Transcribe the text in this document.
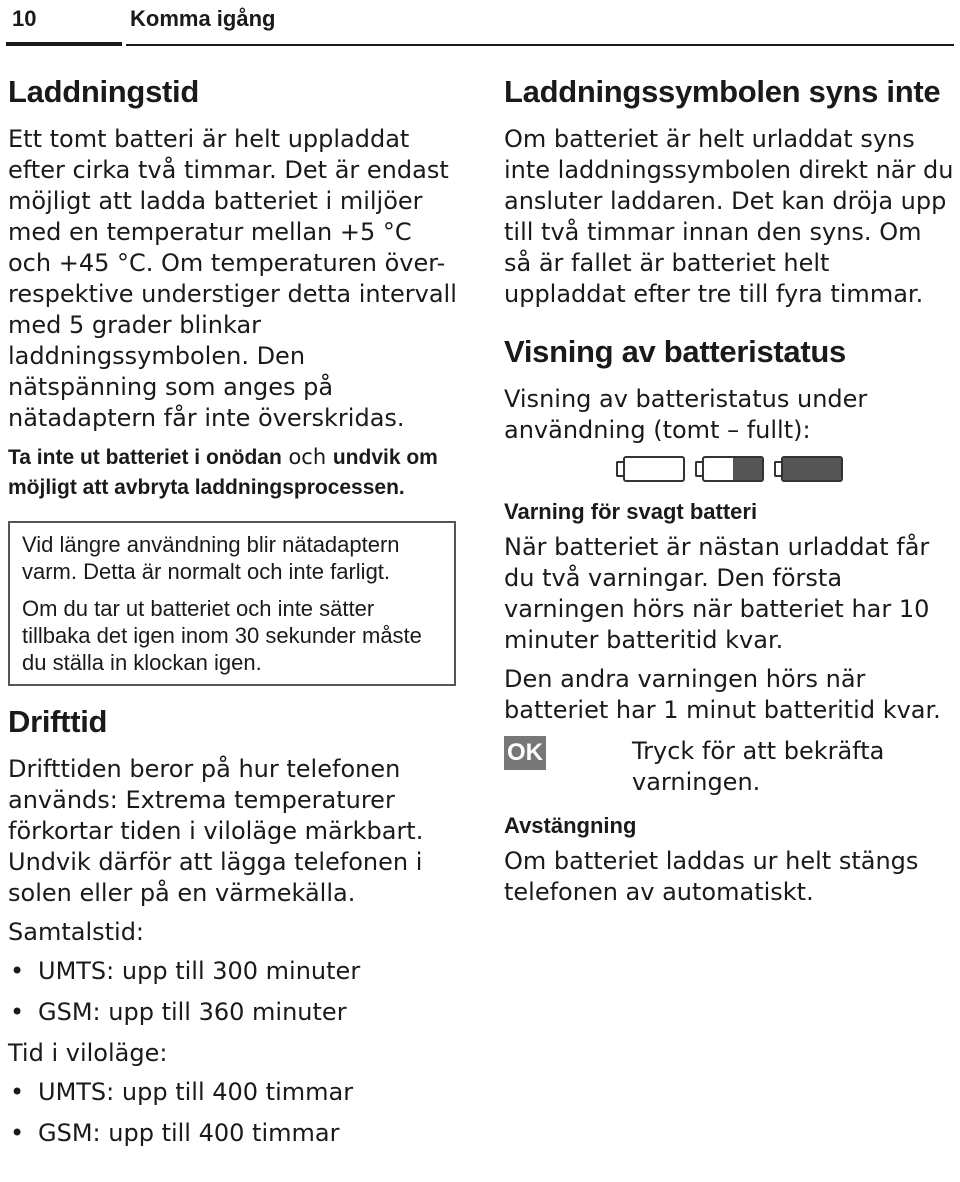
10	Komma igång
Laddningstid

Ett tomt batteri är helt uppladdat efter cirka två timmar. Det är endast möjligt att ladda batteriet i miljöer med en temperatur mellan +5 °C och +45 °C. Om temperaturen över- respektive understiger detta intervall med 5 grader blinkar laddningssymbolen. Den nätspänning som anges på nätadaptern får inte överskridas.

Ta inte ut batteriet i onödan och undvik om möjligt att avbryta laddningsprocessen.

Vid längre användning blir nätadaptern varm. Detta är normalt och inte farligt.

Om du tar ut batteriet och inte sätter tillbaka det igen inom 30 sekunder måste du ställa in klockan igen.

Drifttid

Drifttiden beror på hur telefonen används: Extrema temperaturer förkortar tiden i viloläge märkbart. Undvik därför att lägga telefonen i solen eller på en värmekälla.

Samtalstid:

• UMTS: upp till 300 minuter
• GSM: upp till 360 minuter

Tid i viloläge:

• UMTS: upp till 400 timmar
• GSM: upp till 400 timmar
Laddningssymbolen syns inte

Om batteriet är helt urladdat syns inte laddningssymbolen direkt när du ansluter laddaren. Det kan dröja upp till två timmar innan den syns. Om så är fallet är batteriet helt uppladdat efter tre till fyra timmar.

Visning av batteristatus

Visning av batteristatus under användning (tomt – fullt):

Varning för svagt batteri

När batteriet är nästan urladdat får du två varningar. Den första varningen hörs när batteriet har 10 minuter batteritid kvar.

Den andra varningen hörs när batteriet har 1 minut batteritid kvar.

OK	Tryck för att bekräfta varningen.
Avstängning

Om batteriet laddas ur helt stängs telefonen av automatiskt.
